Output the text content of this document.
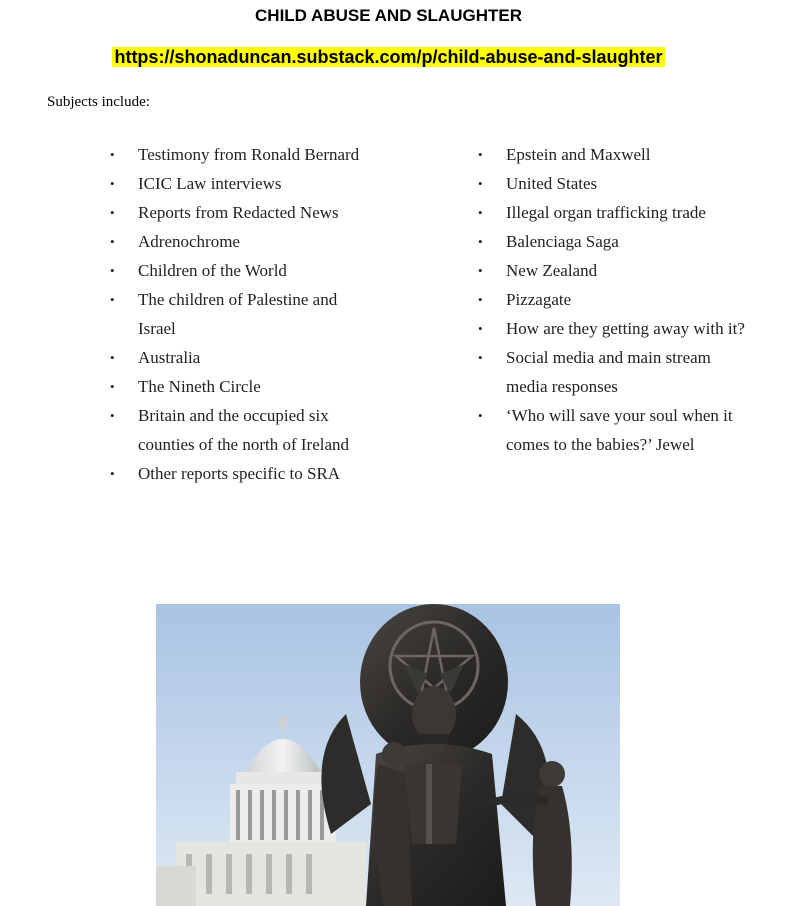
CHILD ABUSE AND SLAUGHTER
https://shonaduncan.substack.com/p/child-abuse-and-slaughter
Subjects include:
•	Testimony from Ronald Bernard
•	ICIC Law interviews
•	Reports from Redacted News
•	Adrenochrome
•	Children of the World
•	The children of Palestine and Israel
•	Australia
•	The Nineth Circle
•	Britain and the occupied six counties of the north of Ireland
•	Other reports specific to SRA
•	Epstein and Maxwell
•	United States
•	Illegal organ trafficking trade
•	Balenciaga Saga
•	New Zealand
•	Pizzagate
•	How are they getting away with it?
•	Social media and main stream media responses
•	‘Who will save your soul when it comes to the babies?’ Jewel
